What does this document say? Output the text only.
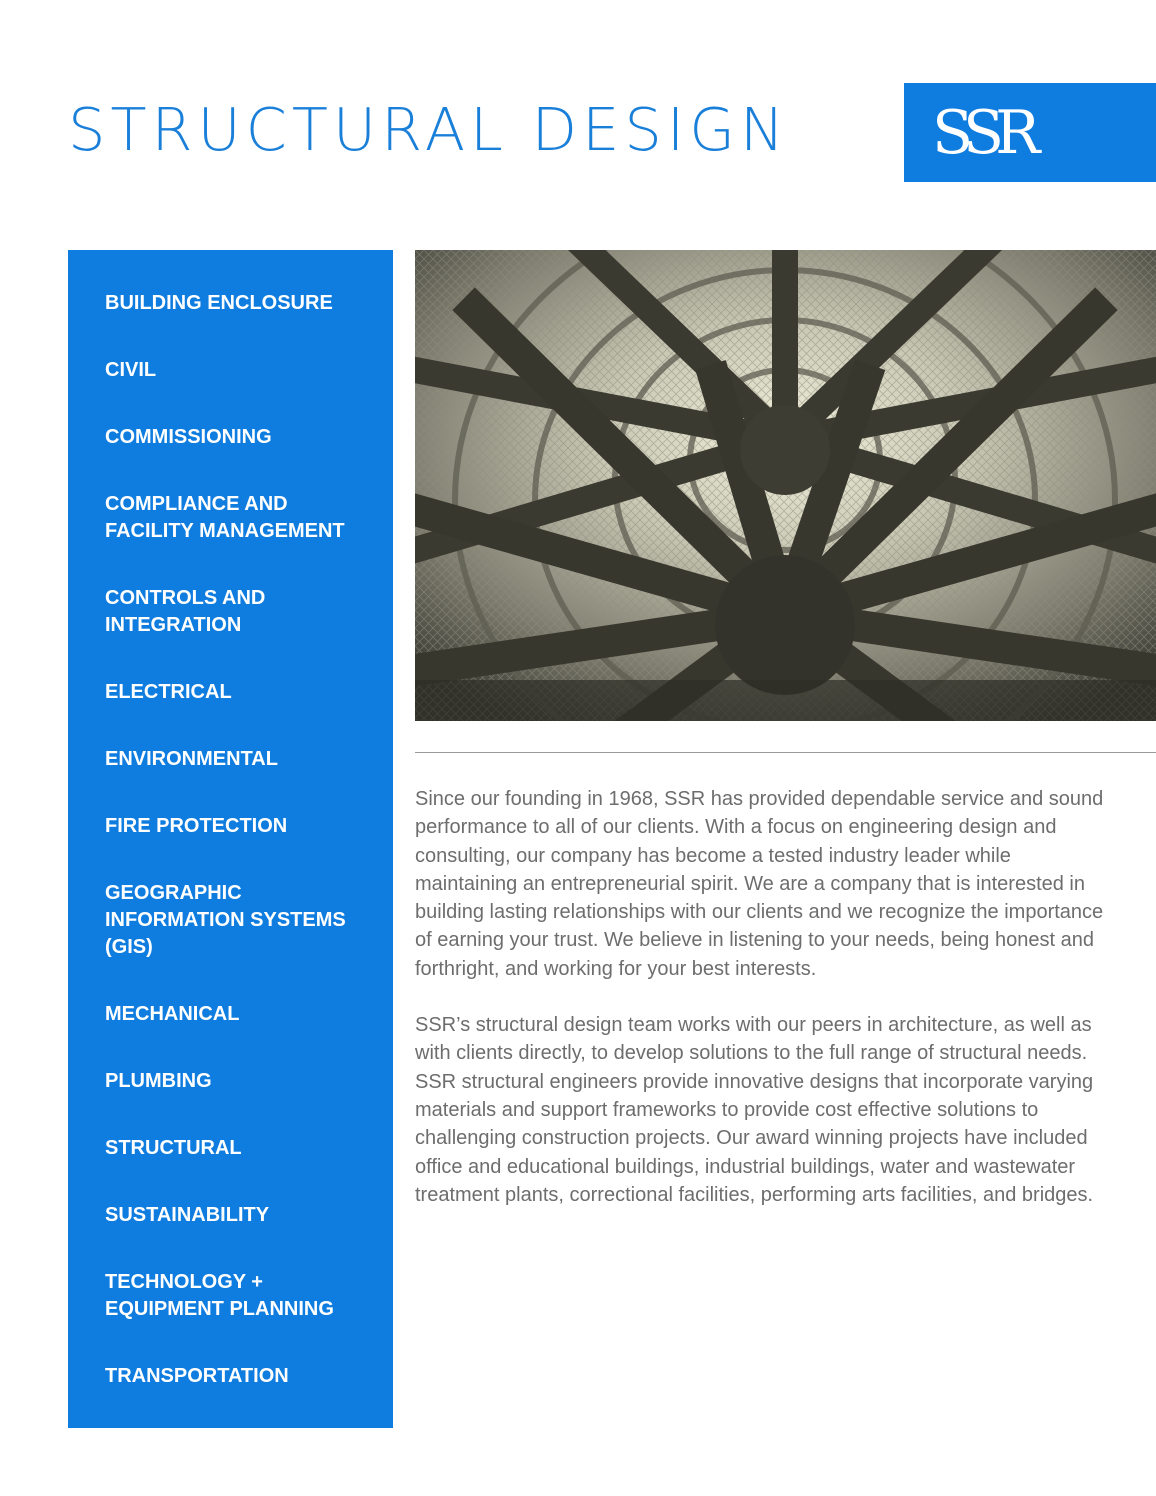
STRUCTURAL DESIGN SSR
BUILDING ENCLOSURE
CIVIL
COMMISSIONING
COMPLIANCE AND
FACILITY MANAGEMENT
CONTROLS AND
INTEGRATION
ELECTRICAL
ENVIRONMENTAL
FIRE PROTECTION
GEOGRAPHIC
INFORMATION SYSTEMS
(GIS)
MECHANICAL
PLUMBING
STRUCTURAL
SUSTAINABILITY
TECHNOLOGY +
EQUIPMENT PLANNING
TRANSPORTATION

Since our founding in 1968, SSR has provided dependable service and sound performance to all of our clients. With a focus on engineering design and consulting, our company has become a tested industry leader while maintaining an entrepreneurial spirit. We are a company that is interested in building lasting relationships with our clients and we recognize the importance of earning your trust. We believe in listening to your needs, being honest and forthright, and working for your best interests.

SSR’s structural design team works with our peers in architecture, as well as with clients directly, to develop solutions to the full range of structural needs. SSR structural engineers provide innovative designs that incorporate varying materials and support frameworks to provide cost effective solutions to challenging construction projects. Our award winning projects have included office and educational buildings, industrial buildings, water and wastewater treatment plants, correctional facilities, performing arts facilities, and bridges.
